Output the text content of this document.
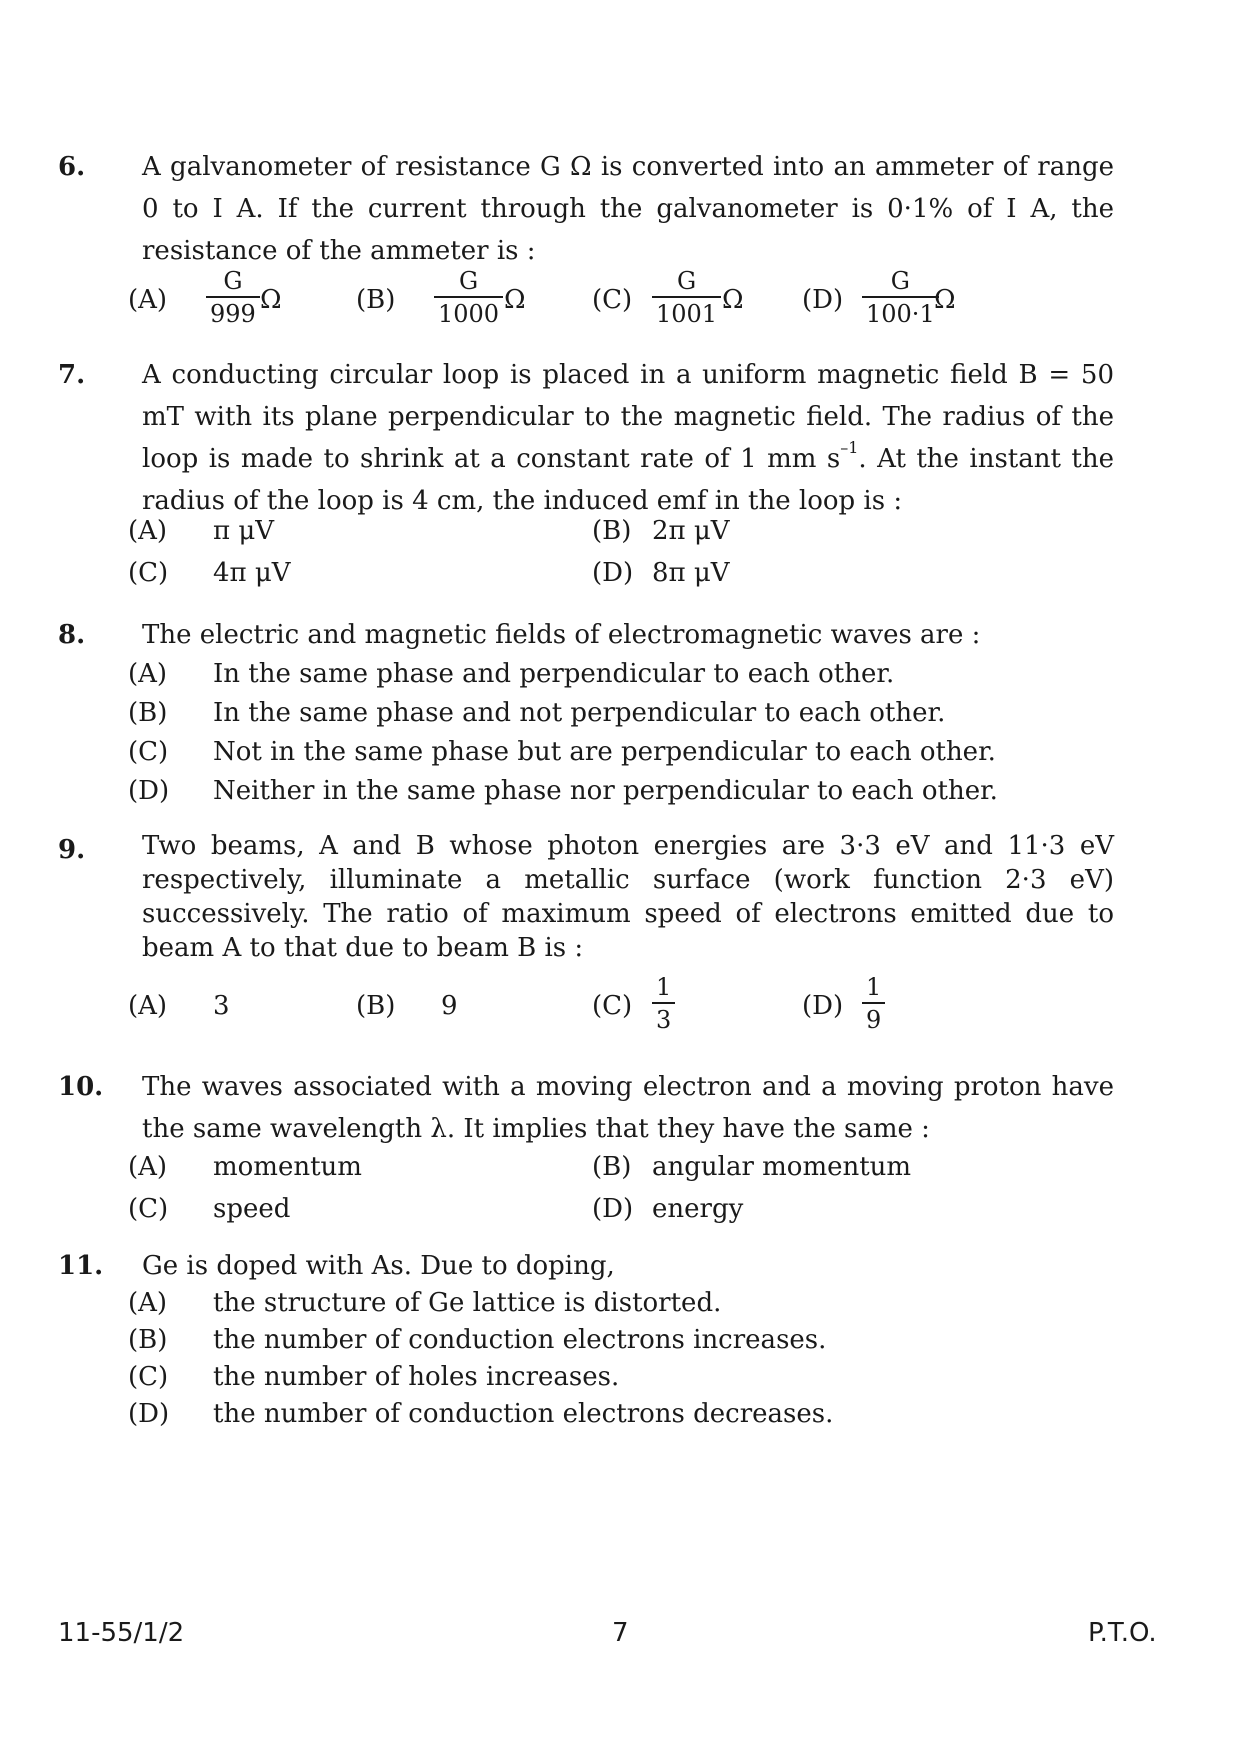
6. A galvanometer of resistance G Ω is converted into an ammeter of range 0 to I A. If the current through the galvanometer is 0·1% of I A, the resistance of the ammeter is :
$(A) \frac{G}{999}$ Ω	$(B) \frac{G}{1000}$ Ω	$(C) \frac{G}{1001}$ Ω $(D) \frac{G}{100\cdot 1}$
Ω
7. A conducting circular loop is placed in a uniform magnetic field B = 50 mT with its plane perpendicular to the magnetic field. The radius of the loop is made to shrink at a constant rate of 1 mm $s^{-1}$. At the instant the radius of the loop is 4 cm, the induced emf in the loop is :
(A) π μV	(B) 2π μV
(C) 4π μV	(D) 8π μV
8. The electric and magnetic fields of electromagnetic waves are :
(A) In the same phase and perpendicular to each other.
(B) In the same phase and not perpendicular to each other.
(C) Not in the same phase but are perpendicular to each other.
(D) Neither in the same phase nor perpendicular to each other.
9. Two beams, A and B whose photon energies are 3·3 eV and 11·3 eV respectively, illuminate a metallic surface (work function 2·3 eV) successively. The ratio of maximum speed of electrons emitted due to beam A to that due to beam B is :
(A) 3	(B) 9	$(C) \frac{1}{3}$	$(D) \frac{1}{9}$
10. The waves associated with a moving electron and a moving proton have the same wavelength λ. It implies that they have the same :
(A) momentum	(B) angular momentum
(C) speed	(D) energy
11. Ge is doped with As. Due to doping,
(A) the structure of Ge lattice is distorted.
(B) the number of conduction electrons increases.
(C) the number of holes increases.
(D) the number of conduction electrons decreases.
11-55/1/2	7	P.T.O.
